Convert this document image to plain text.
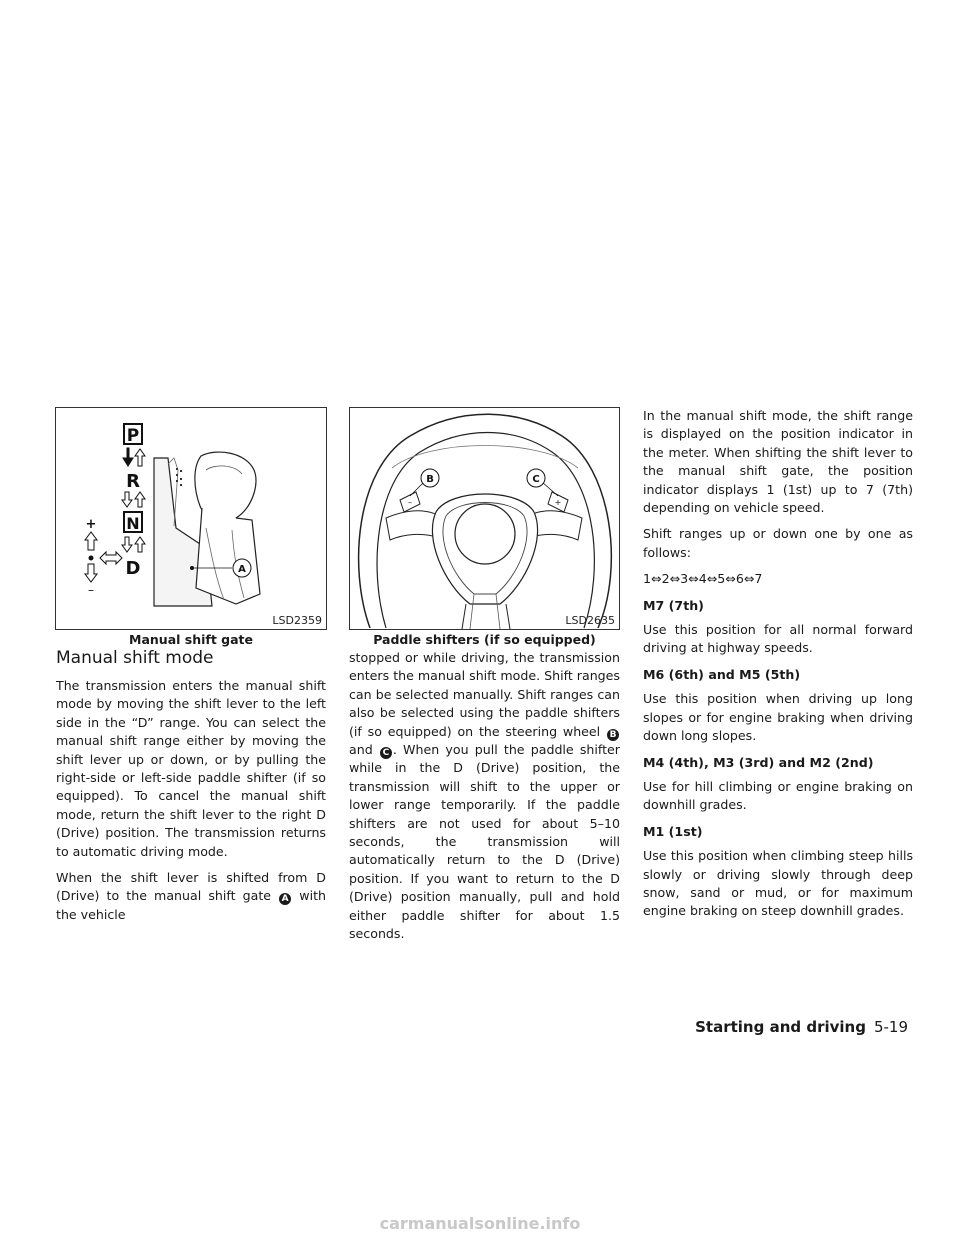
P
R
N
D
+
–
A
LSD2359
Manual shift gate
–	+
B	C
LSD2635
Paddle shifters (if so equipped)
Manual shift mode

The transmission enters the manual shift mode by moving the shift lever to the left side in the “D” range. You can select the manual shift range either by moving the shift lever up or down, or by pulling the right-side or left-side paddle shifter (if so equipped). To cancel the manual shift mode, return the shift lever to the right D (Drive) position. The transmission returns to automatic driving mode.

When the shift lever is shifted from D (Drive) to the manual shift gate A with the vehicle

stopped or while driving, the transmission enters the manual shift mode. Shift ranges can be selected manually. Shift ranges can also be selected using the paddle shifters (if so equipped) on the steering wheel B and C . When you pull the paddle shifter while in the D (Drive) position, the transmission will shift to the upper or lower range temporarily. If the paddle shifters are not used for about 5–10 seconds, the transmission will automatically return to the D (Drive) position. If you want to return to the D (Drive) position manually, pull and hold either paddle shifter for about 1.5 seconds.

In the manual shift mode, the shift range is displayed on the position indicator in the meter. When shifting the shift lever to the manual shift gate, the position indicator displays 1 (1st) up to 7 (7th) depending on vehicle speed.

Shift ranges up or down one by one as follows:

1⇔2⇔3⇔4⇔5⇔6⇔7

M7 (7th)

Use this position for all normal forward driving at highway speeds.

M6 (6th) and M5 (5th)

Use this position when driving up long slopes or for engine braking when driving down long slopes.

M4 (4th), M3 (3rd) and M2 (2nd)

Use for hill climbing or engine braking on downhill grades.

M1 (1st)

Use this position when climbing steep hills slowly or driving slowly through deep snow, sand or mud, or for maximum engine braking on steep downhill grades.

Starting and driving 5-19
carmanualsonline.info
